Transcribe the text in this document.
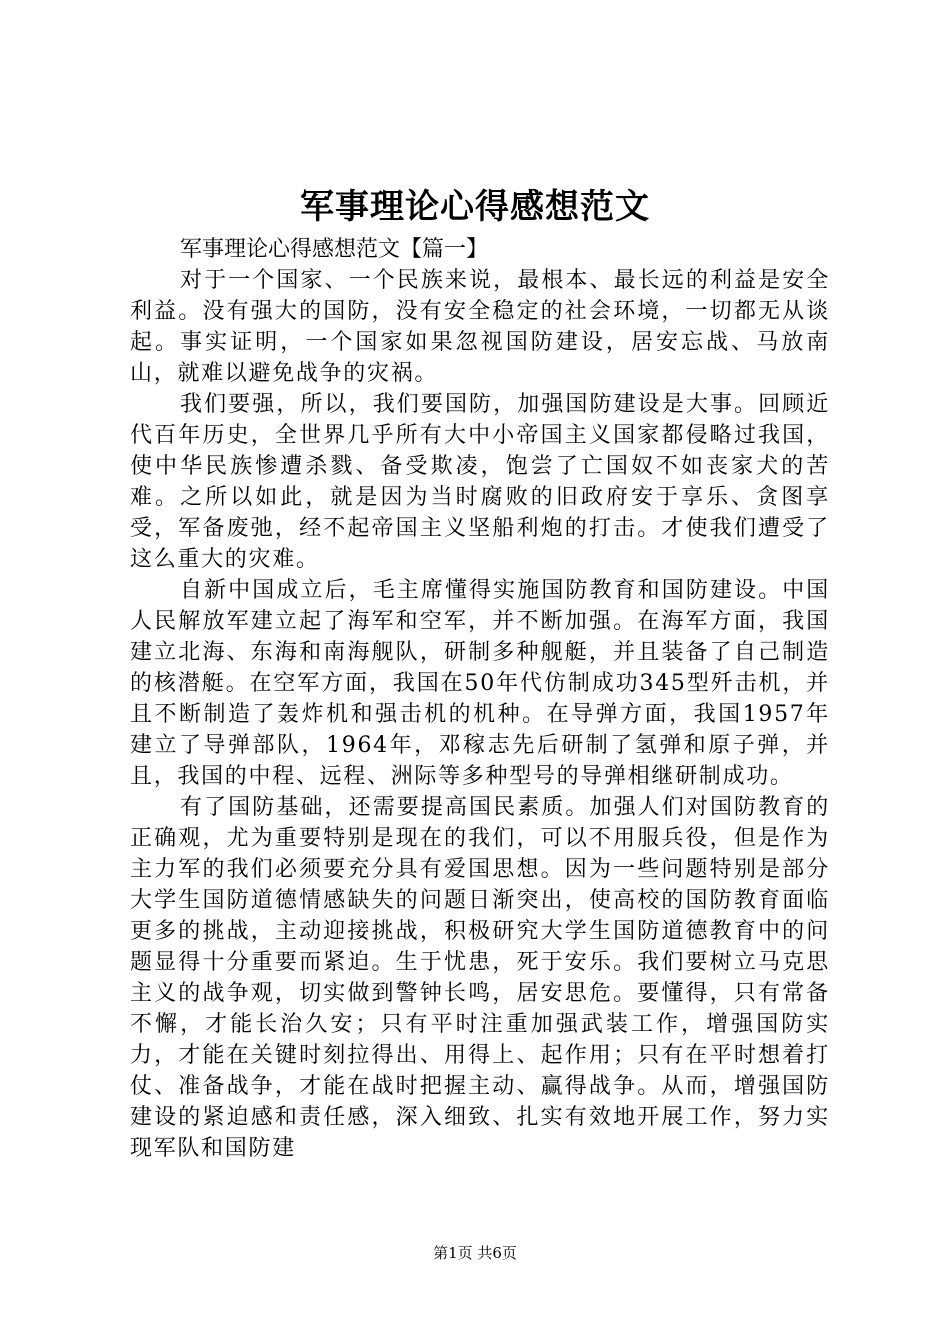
军事理论心得感想范文

军事理论心得感想范文【篇一】

对于一个国家、一个民族来说，最根本、最长远的利益是安全利益。没有强大的国防，没有安全稳定的社会环境，一切都无从谈起。事实证明，一个国家如果忽视国防建设，居安忘战、马放南山，就难以避免战争的灾祸。

我们要强，所以，我们要国防，加强国防建设是大事。回顾近代百年历史，全世界几乎所有大中小帝国主义国家都侵略过我国，使中华民族惨遭杀戮、备受欺凌，饱尝了亡国奴不如丧家犬的苦难。之所以如此，就是因为当时腐败的旧政府安于享乐、贪图享受，军备废弛，经不起帝国主义坚船利炮的打击。才使我们遭受了这么重大的灾难。

自新中国成立后，毛主席懂得实施国防教育和国防建设。中国人民解放军建立起了海军和空军，并不断加强。在海军方面，我国建立北海、东海和南海舰队，研制多种舰艇，并且装备了自己制造的核潜艇。在空军方面，我国在50年代仿制成功345型歼击机，并且不断制造了轰炸机和强击机的机种。在导弹方面，我国1957年建立了导弹部队，1964年，邓稼志先后研制了氢弹和原子弹，并且，我国的中程、远程、洲际等多种型号的导弹相继研制成功。

有了国防基础，还需要提高国民素质。加强人们对国防教育的正确观，尤为重要特别是现在的我们，可以不用服兵役，但是作为主力军的我们必须要充分具有爱国思想。因为一些问题特别是部分大学生国防道德情感缺失的问题日渐突出，使高校的国防教育面临更多的挑战，主动迎接挑战，积极研究大学生国防道德教育中的问题显得十分重要而紧迫。生于忧患，死于安乐。我们要树立马克思主义的战争观，切实做到警钟长鸣，居安思危。要懂得，只有常备不懈，才能长治久安；只有平时注重加强武装工作，增强国防实力，才能在关键时刻拉得出、用得上、起作用；只有在平时想着打仗、准备战争，才能在战时把握主动、赢得战争。从而，增强国防建设的紧迫感和责任感，深入细致、扎实有效地开展工作，努力实现军队和国防建

第1页 共6页
